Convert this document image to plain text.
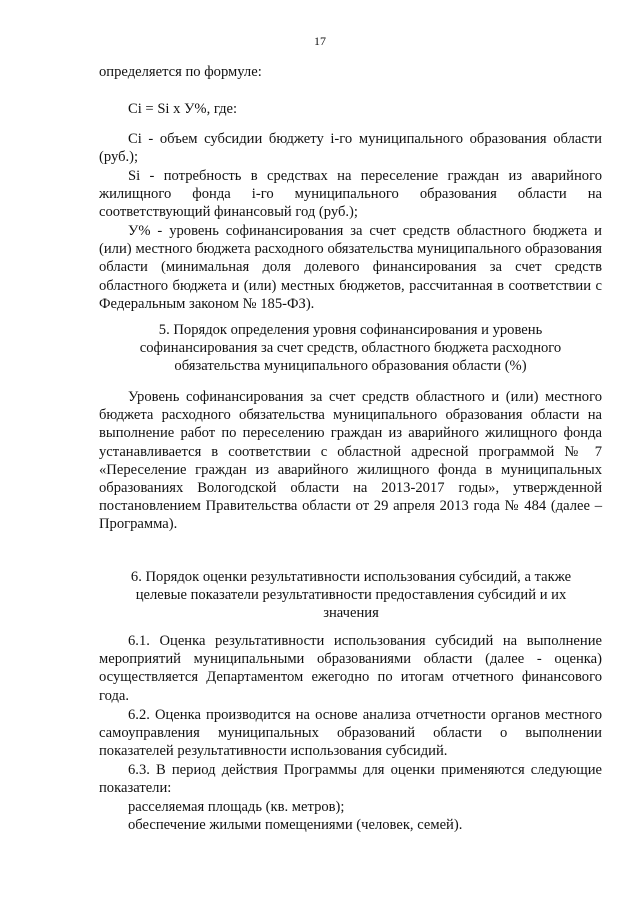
17

определяется по формуле:

Ci = Si x У%, где:

Ci - объем субсидии бюджету i-го муниципального образования области (руб.);

Si - потребность в средствах на переселение граждан из аварийного жилищного фонда i-го муниципального образования области на соответствующий финансовый год (руб.);

У% - уровень софинансирования за счет средств областного бюджета и (или) местного бюджета расходного обязательства муниципального образования области (минимальная доля долевого финансирования за счет средств областного бюджета и (или) местных бюджетов, рассчитанная в соответствии с Федеральным законом № 185-ФЗ).

5. Порядок определения уровня софинансирования и уровень софинансирования за счет средств, областного бюджета расходного обязательства муниципального образования области (%)

Уровень софинансирования за счет средств областного и (или) местного бюджета расходного обязательства муниципального образования области на выполнение работ по переселению граждан из аварийного жилищного фонда устанавливается в соответствии с областной адресной программой № 7 «Переселение граждан из аварийного жилищного фонда в муниципальных образованиях Вологодской области на 2013-2017 годы», утвержденной постановлением Правительства области от 29 апреля 2013 года № 484 (далее – Программа).

6. Порядок оценки результативности использования субсидий, а также целевые показатели результативности предоставления субсидий и их значения

6.1. Оценка результативности использования субсидий на выполнение мероприятий муниципальными образованиями области (далее - оценка) осуществляется Департаментом ежегодно по итогам отчетного финансового года.

6.2. Оценка производится на основе анализа отчетности органов местного самоуправления муниципальных образований области о выполнении показателей результативности использования субсидий.

6.3. В период действия Программы для оценки применяются следующие показатели:

расселяемая площадь (кв. метров);

обеспечение жилыми помещениями (человек, семей).
